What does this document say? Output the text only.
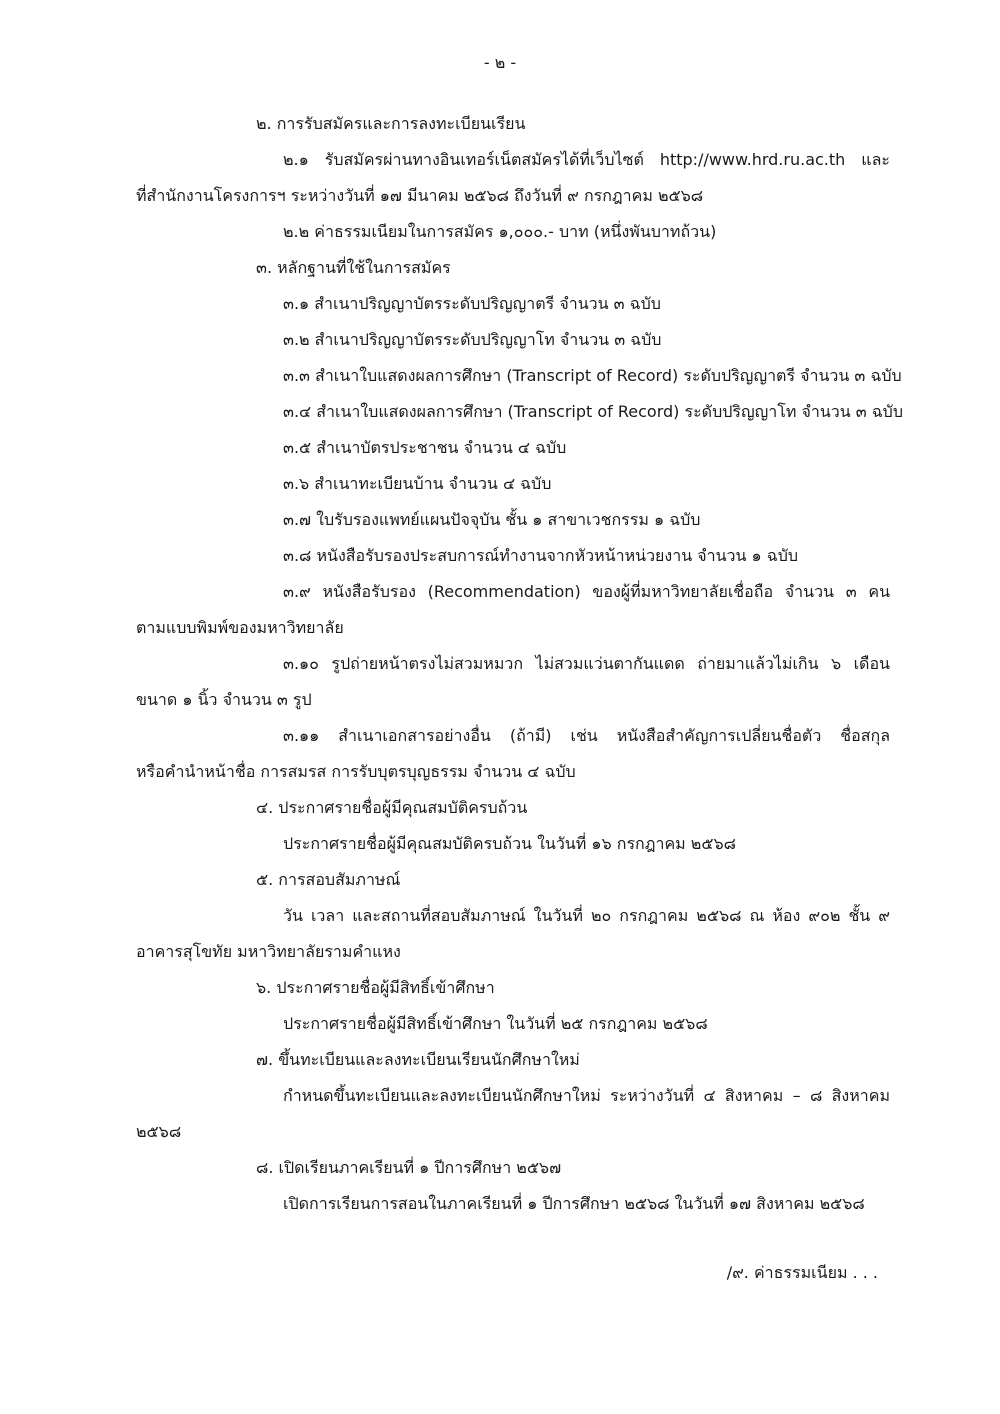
- ๒ -
๒. การรับสมัครและการลงทะเบียนเรียน
๒.๑ รับสมัครผ่านทางอินเทอร์เน็ตสมัครได้ที่เว็บไซต์ http://www.hrd.ru.ac.th และ
ที่สำนักงานโครงการฯ ระหว่างวันที่ ๑๗ มีนาคม ๒๕๖๘ ถึงวันที่ ๙ กรกฎาคม ๒๕๖๘
๒.๒ ค่าธรรมเนียมในการสมัคร ๑,๐๐๐.- บาท (หนึ่งพันบาทถ้วน)
๓. หลักฐานที่ใช้ในการสมัคร
๓.๑ สำเนาปริญญาบัตรระดับปริญญาตรี จำนวน ๓ ฉบับ
๓.๒ สำเนาปริญญาบัตรระดับปริญญาโท จำนวน ๓ ฉบับ
๓.๓ สำเนาใบแสดงผลการศึกษา (Transcript of Record) ระดับปริญญาตรี จำนวน ๓ ฉบับ
๓.๔ สำเนาใบแสดงผลการศึกษา (Transcript of Record) ระดับปริญญาโท จำนวน ๓ ฉบับ
๓.๕ สำเนาบัตรประชาชน จำนวน ๔ ฉบับ
๓.๖ สำเนาทะเบียนบ้าน จำนวน ๔ ฉบับ
๓.๗ ใบรับรองแพทย์แผนปัจจุบัน ชั้น ๑ สาขาเวชกรรม ๑ ฉบับ
๓.๘ หนังสือรับรองประสบการณ์ทำงานจากหัวหน้าหน่วยงาน จำนวน ๑ ฉบับ
๓.๙ หนังสือรับรอง (Recommendation) ของผู้ที่มหาวิทยาลัยเชื่อถือ จำนวน ๓ คน
ตามแบบพิมพ์ของมหาวิทยาลัย
๓.๑๐ รูปถ่ายหน้าตรงไม่สวมหมวก ไม่สวมแว่นตากันแดด ถ่ายมาแล้วไม่เกิน ๖ เดือน
ขนาด ๑ นิ้ว จำนวน ๓ รูป
๓.๑๑ สำเนาเอกสารอย่างอื่น (ถ้ามี) เช่น หนังสือสำคัญการเปลี่ยนชื่อตัว ชื่อสกุล
หรือคำนำหน้าชื่อ การสมรส การรับบุตรบุญธรรม จำนวน ๔ ฉบับ
๔. ประกาศรายชื่อผู้มีคุณสมบัติครบถ้วน
ประกาศรายชื่อผู้มีคุณสมบัติครบถ้วน ในวันที่ ๑๖ กรกฎาคม ๒๕๖๘
๕. การสอบสัมภาษณ์
วัน เวลา และสถานที่สอบสัมภาษณ์ ในวันที่ ๒๐ กรกฎาคม ๒๕๖๘ ณ ห้อง ๙๐๒ ชั้น ๙
อาคารสุโขทัย มหาวิทยาลัยรามคำแหง
๖. ประกาศรายชื่อผู้มีสิทธิ์เข้าศึกษา
ประกาศรายชื่อผู้มีสิทธิ์เข้าศึกษา ในวันที่ ๒๕ กรกฎาคม ๒๕๖๘
๗. ขึ้นทะเบียนและลงทะเบียนเรียนนักศึกษาใหม่
กำหนดขึ้นทะเบียนและลงทะเบียนนักศึกษาใหม่ ระหว่างวันที่ ๔ สิงหาคม – ๘ สิงหาคม
๒๕๖๘
๘. เปิดเรียนภาคเรียนที่ ๑ ปีการศึกษา ๒๕๖๗
เปิดการเรียนการสอนในภาคเรียนที่ ๑ ปีการศึกษา ๒๕๖๘ ในวันที่ ๑๗ สิงหาคม ๒๕๖๘
/๙. ค่าธรรมเนียม . . .
